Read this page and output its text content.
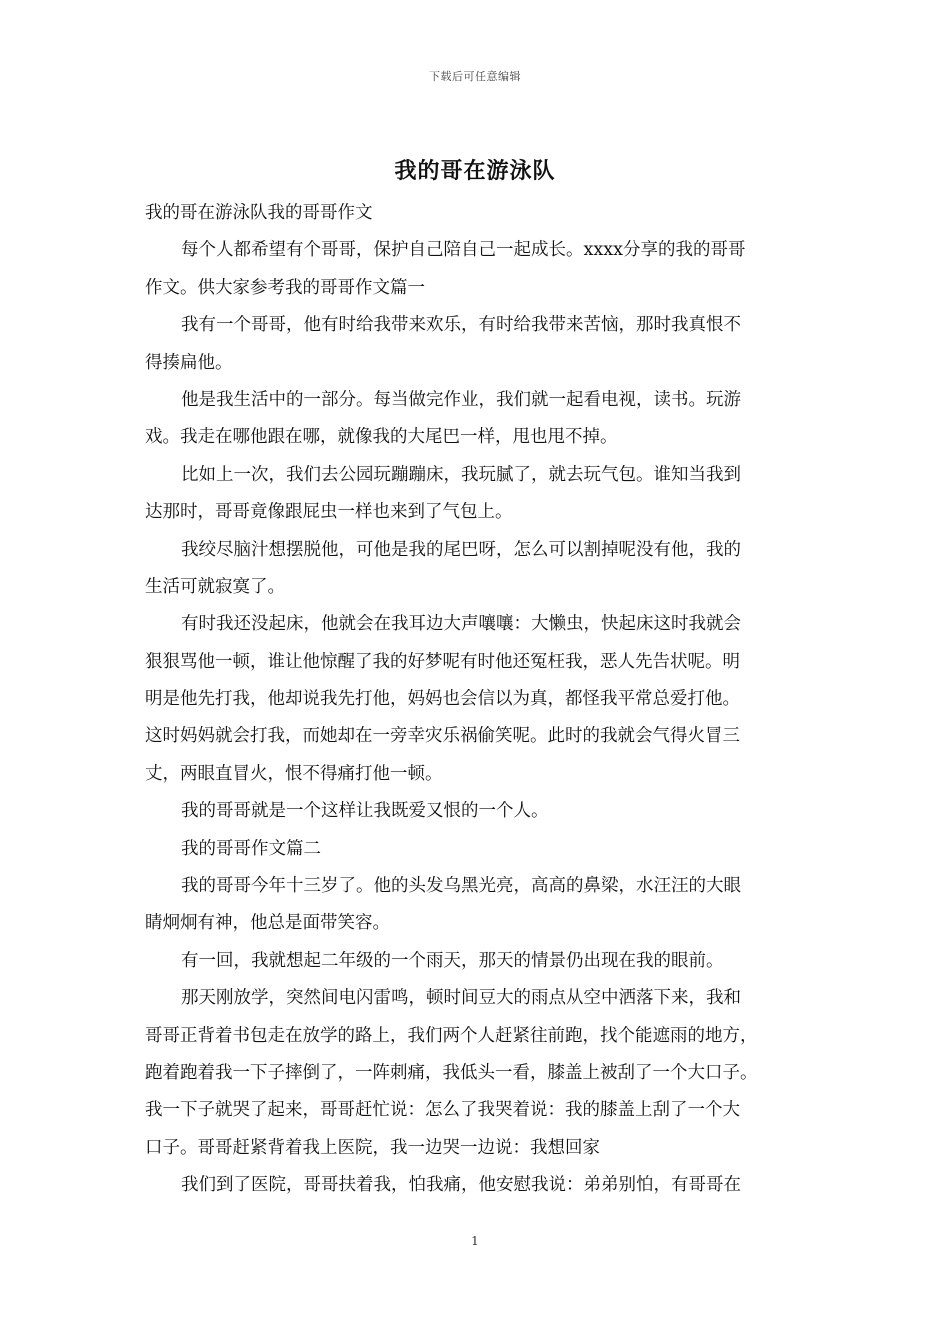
下载后可任意编辑
我的哥在游泳队
我的哥在游泳队我的哥哥作文
每个人都希望有个哥哥，保护自己陪自己一起成长。xxxx分享的我的哥哥
作文。供大家参考我的哥哥作文篇一
我有一个哥哥，他有时给我带来欢乐，有时给我带来苦恼，那时我真恨不
得揍扁他。
他是我生活中的一部分。每当做完作业，我们就一起看电视，读书。玩游
戏。我走在哪他跟在哪，就像我的大尾巴一样，甩也甩不掉。
比如上一次，我们去公园玩蹦蹦床，我玩腻了，就去玩气包。谁知当我到
达那时，哥哥竟像跟屁虫一样也来到了气包上。
我绞尽脑汁想摆脱他，可他是我的尾巴呀，怎么可以割掉呢没有他，我的
生活可就寂寞了。
有时我还没起床，他就会在我耳边大声嚷嚷：大懒虫，快起床这时我就会
狠狠骂他一顿，谁让他惊醒了我的好梦呢有时他还冤枉我，恶人先告状呢。明
明是他先打我，他却说我先打他，妈妈也会信以为真，都怪我平常总爱打他。
这时妈妈就会打我，而她却在一旁幸灾乐祸偷笑呢。此时的我就会气得火冒三
丈，两眼直冒火，恨不得痛打他一顿。
我的哥哥就是一个这样让我既爱又恨的一个人。
我的哥哥作文篇二
我的哥哥今年十三岁了。他的头发乌黑光亮，高高的鼻梁，水汪汪的大眼
睛炯炯有神，他总是面带笑容。
有一回，我就想起二年级的一个雨天，那天的情景仍出现在我的眼前。
那天刚放学，突然间电闪雷鸣，顿时间豆大的雨点从空中洒落下来，我和
哥哥正背着书包走在放学的路上，我们两个人赶紧往前跑，找个能遮雨的地方，
跑着跑着我一下子摔倒了，一阵刺痛，我低头一看，膝盖上被刮了一个大口子。
我一下子就哭了起来，哥哥赶忙说：怎么了我哭着说：我的膝盖上刮了一个大
口子。哥哥赶紧背着我上医院，我一边哭一边说：我想回家
我们到了医院，哥哥扶着我，怕我痛，他安慰我说：弟弟别怕，有哥哥在
1
